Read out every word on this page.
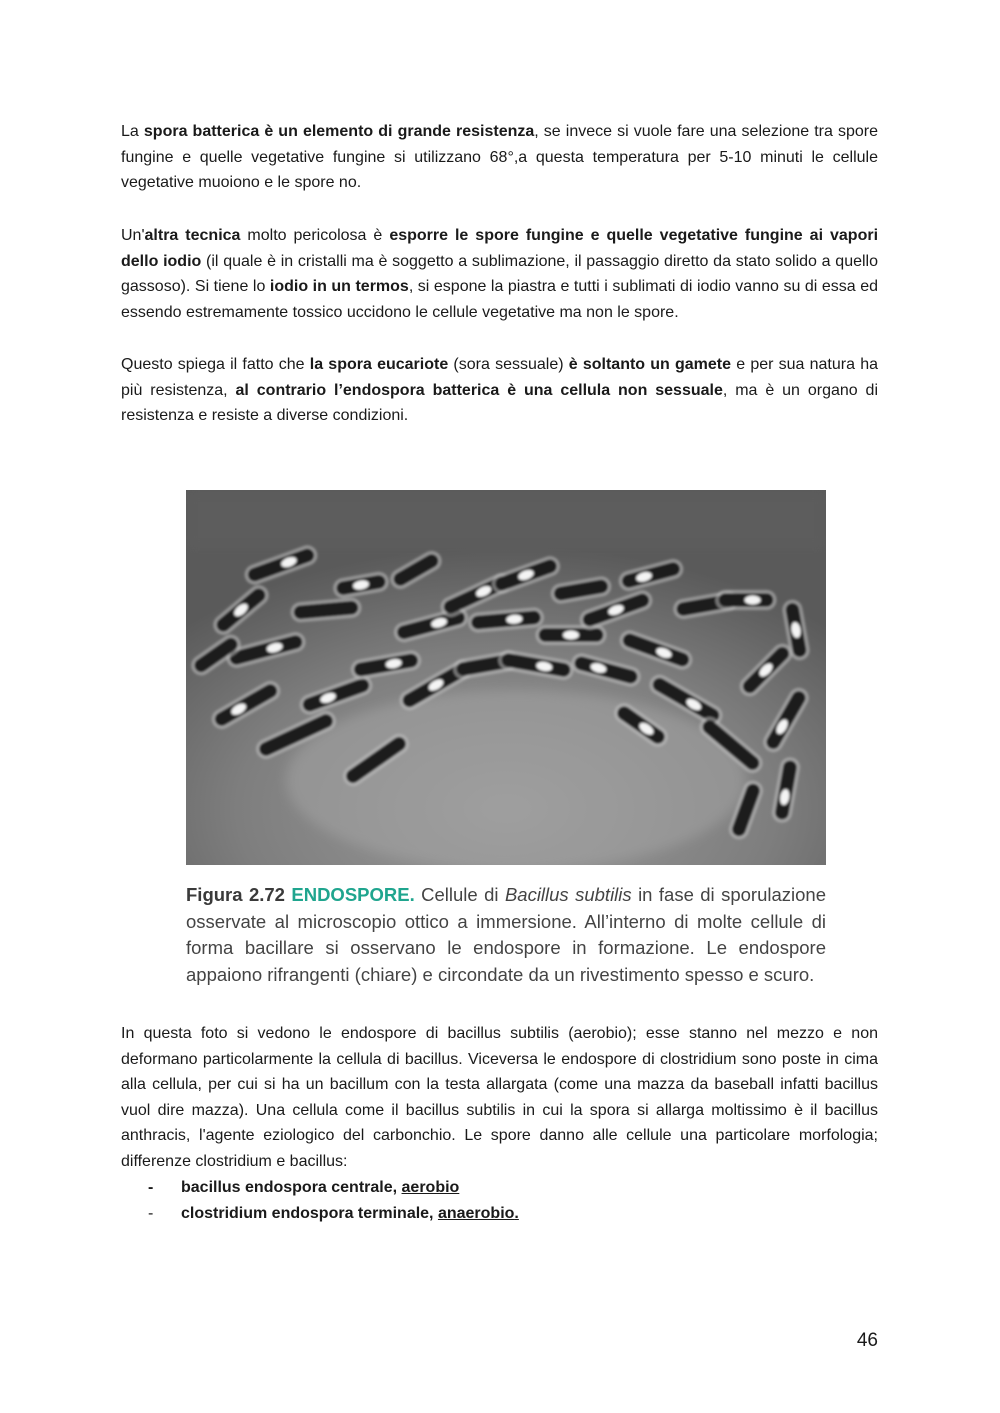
La spora batterica è un elemento di grande resistenza, se invece si vuole fare una selezione tra spore fungine e quelle vegetative fungine si utilizzano 68°,a questa temperatura per 5-10 minuti le cellule vegetative muoiono e le spore no.

Un'altra tecnica molto pericolosa è esporre le spore fungine e quelle vegetative fungine ai vapori dello iodio (il quale è in cristalli ma è soggetto a sublimazione, il passaggio diretto da stato solido a quello gassoso). Si tiene lo iodio in un termos, si espone la piastra e tutti i sublimati di iodio vanno su di essa ed essendo estremamente tossico uccidono le cellule vegetative ma non le spore.

Questo spiega il fatto che la spora eucariote (sora sessuale) è soltanto un gamete e per sua natura ha più resistenza, al contrario l’endospora batterica è una cellula non sessuale, ma è un organo di resistenza e resiste a diverse condizioni.

Figura 2.72 ENDOSPORE. Cellule di Bacillus subtilis in fase di sporulazione osservate al microscopio ottico a immersione. All’interno di molte cellule di forma bacillare si osservano le endospore in formazione. Le endospore appaiono rifrangenti (chiare) e circondate da un rivestimento spesso e scuro.

In questa foto si vedono le endospore di bacillus subtilis (aerobio); esse stanno nel mezzo e non deformano particolarmente la cellula di bacillus. Viceversa le endospore di clostridium sono poste in cima alla cellula, per cui si ha un bacillum con la testa allargata (come una mazza da baseball infatti bacillus vuol dire mazza). Una cellula come il bacillus subtilis in cui la spora si allarga moltissimo è il bacillus anthracis, l'agente eziologico del carbonchio. Le spore danno alle cellule una particolare morfologia; differenze clostridium e bacillus:

- bacillus endospora centrale, aerobio
- clostridium endospora terminale, anaerobio.
46
